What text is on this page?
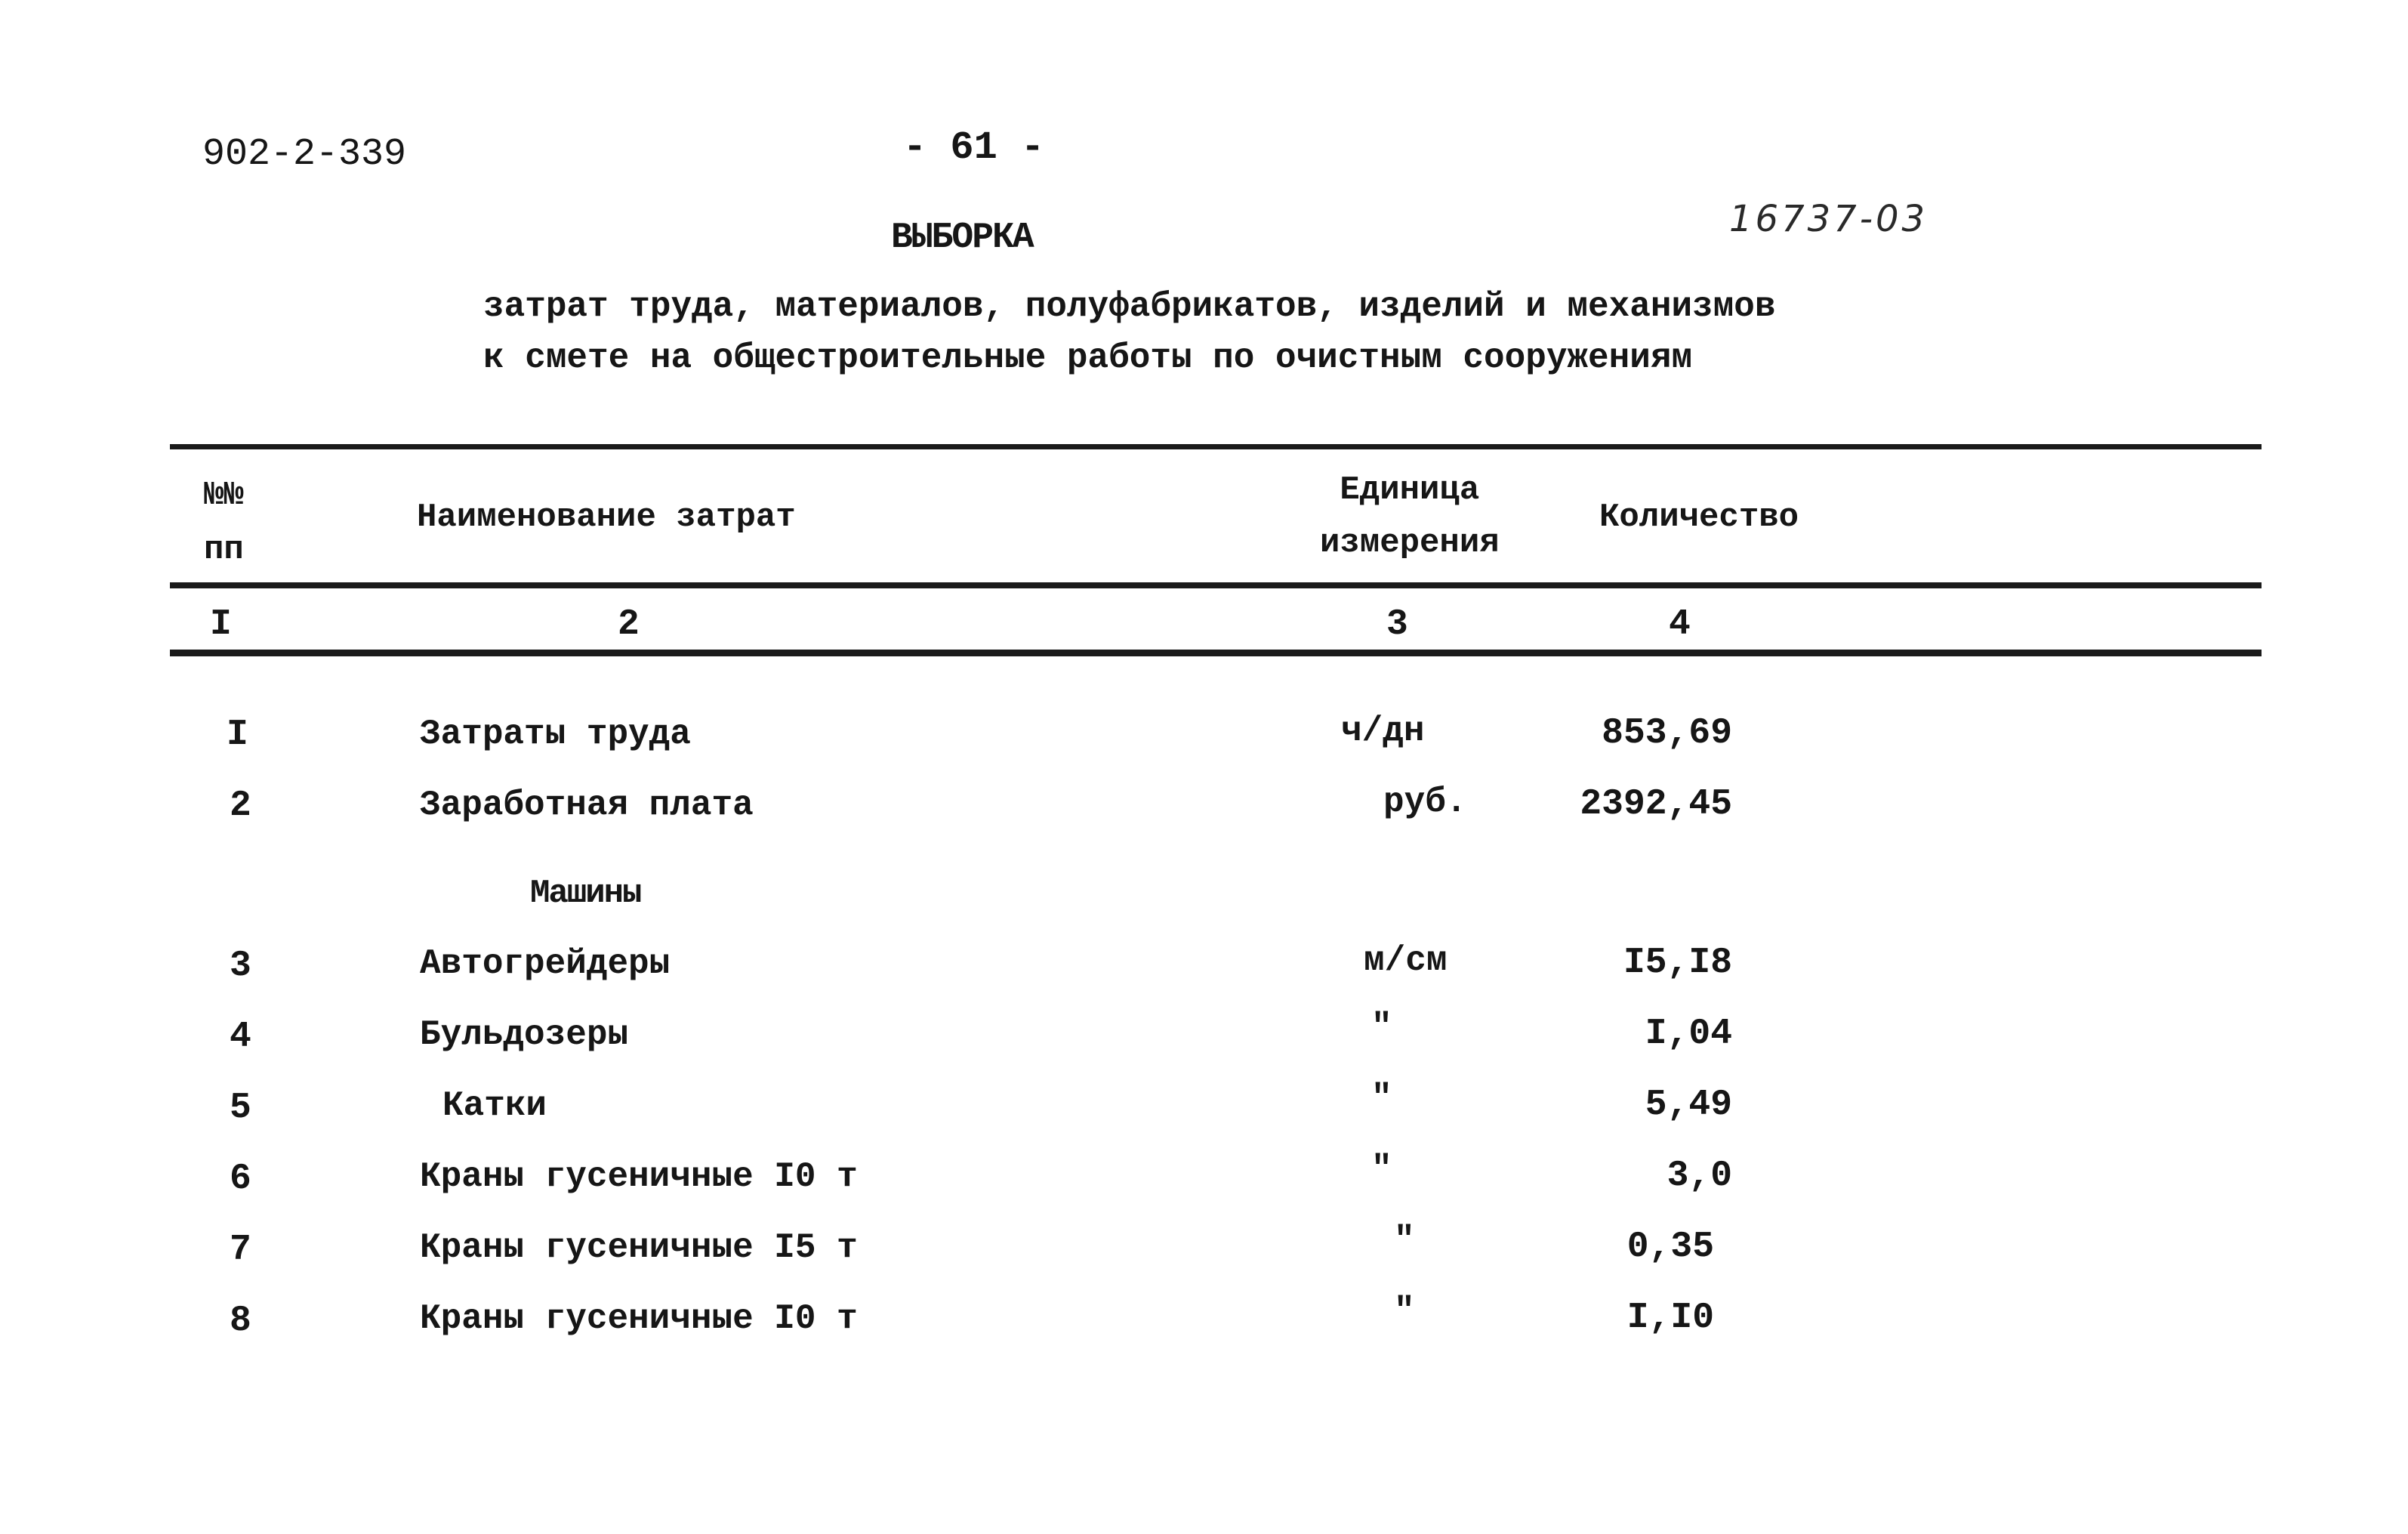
902-2-339	- 61 -
16737-03
ВЫБОРКА
затрат труда, материалов, полуфабрикатов, изделий и механизмов
к смете на общестроительные работы по очистным сооружениям
№№
пп
Наименование затрат
Единица
измерения
Количество
I	2	3	4
Машины
I	Затраты труда	ч/дн	853,69
2	Заработная плата	руб.	2392,45
3	Автогрейдеры	м/см	I5,I8
4	Бульдозеры	"	I,04
5	Катки	"	5,49
6	Краны гусеничные I0 т	"	3,0
7	Краны гусеничные I5 т	"	0,35
8	Краны гусеничные I0 т	"	I,I0
